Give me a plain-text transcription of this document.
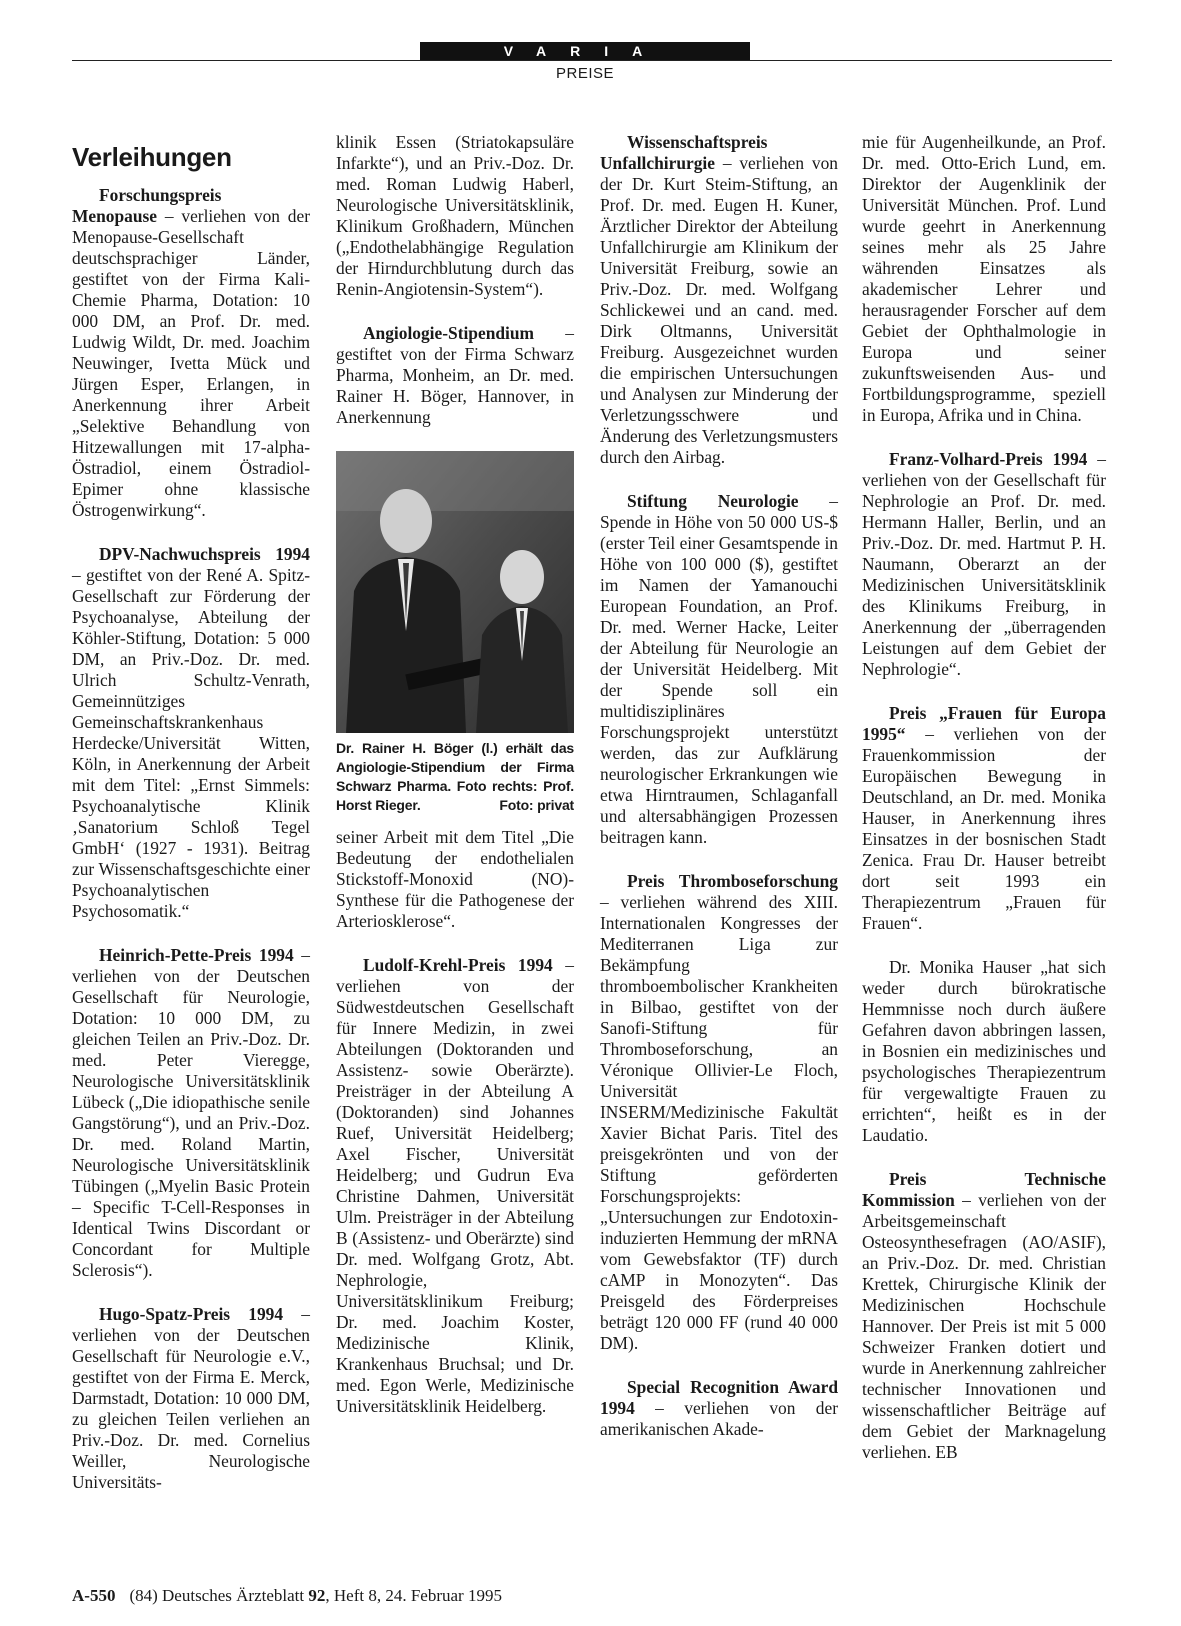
VARIA
PREISE
Verleihungen

Forschungspreis Menopause – verliehen von der Menopause-Gesellschaft deutschsprachiger Länder, gestiftet von der Firma Kali-Chemie Pharma, Dotation: 10 000 DM, an Prof. Dr. med. Ludwig Wildt, Dr. med. Joachim Neuwinger, Ivetta Mück und Jürgen Esper, Erlangen, in Anerkennung ihrer Arbeit „Selektive Behandlung von Hitzewallungen mit 17-alpha-Östradiol, einem Östradiol-Epimer ohne klassische Östrogenwirkung“.

DPV-Nachwuchspreis 1994 – gestiftet von der René A. Spitz-Gesellschaft zur Förderung der Psychoanalyse, Abteilung der Köhler-Stiftung, Dotation: 5 000 DM, an Priv.-Doz. Dr. med. Ulrich Schultz-Venrath, Gemeinnütziges Gemeinschaftskrankenhaus Herdecke/Universität Witten, Köln, in Anerkennung der Arbeit mit dem Titel: „Ernst Simmels: Psychoanalytische Klinik ‚Sanatorium Schloß Tegel GmbH‘ (1927 - 1931). Beitrag zur Wissenschaftsgeschichte einer Psychoanalytischen Psychosomatik.“

Heinrich-Pette-Preis 1994 – verliehen von der Deutschen Gesellschaft für Neurologie, Dotation: 10 000 DM, zu gleichen Teilen an Priv.-Doz. Dr. med. Peter Vieregge, Neurologische Universitätsklinik Lübeck („Die idiopathische senile Gangstörung“), und an Priv.-Doz. Dr. med. Roland Martin, Neurologische Universitätsklinik Tübingen („Myelin Basic Protein – Specific T-Cell-Responses in Identical Twins Discordant or Concordant for Multiple Sclerosis“).

Hugo-Spatz-Preis 1994 – verliehen von der Deutschen Gesellschaft für Neurologie e.V., gestiftet von der Firma E. Merck, Darmstadt, Dotation: 10 000 DM, zu gleichen Teilen verliehen an Priv.-Doz. Dr. med. Cornelius Weiller, Neurologische Universitäts-

klinik Essen (Striatokapsuläre Infarkte“), und an Priv.-Doz. Dr. med. Roman Ludwig Haberl, Neurologische Universitätsklinik, Klinikum Großhadern, München („Endothelabhängige Regulation der Hirndurchblutung durch das Renin-Angiotensin-System“).

Angiologie-Stipendium – gestiftet von der Firma Schwarz Pharma, Monheim, an Dr. med. Rainer H. Böger, Hannover, in Anerkennung

Dr. Rainer H. Böger (l.) erhält das Angiologie-Stipendium der Firma Schwarz Pharma. Foto rechts: Prof. Horst Rieger.	Foto: privat

seiner Arbeit mit dem Titel „Die Bedeutung der endothelialen Stickstoff-Monoxid (NO)-Synthese für die Pathogenese der Arteriosklerose“.

Ludolf-Krehl-Preis 1994 – verliehen von der Südwestdeutschen Gesellschaft für Innere Medizin, in zwei Abteilungen (Doktoranden und Assistenz- sowie Oberärzte). Preisträger in der Abteilung A (Doktoranden) sind Johannes Ruef, Universität Heidelberg; Axel Fischer, Universität Heidelberg; und Gudrun Eva Christine Dahmen, Universität Ulm. Preisträger in der Abteilung B (Assistenz- und Oberärzte) sind Dr. med. Wolfgang Grotz, Abt. Nephrologie, Universitätsklinikum Freiburg; Dr. med. Joachim Koster, Medizinische Klinik, Krankenhaus Bruchsal; und Dr. med. Egon Werle, Medizinische Universitätsklinik Heidelberg.

Wissenschaftspreis Unfallchirurgie – verliehen von der Dr. Kurt Steim-Stiftung, an Prof. Dr. med. Eugen H. Kuner, Ärztlicher Direktor der Abteilung Unfallchirurgie am Klinikum der Universität Freiburg, sowie an Priv.-Doz. Dr. med. Wolfgang Schlickewei und an cand. med. Dirk Oltmanns, Universität Freiburg. Ausgezeichnet wurden die empirischen Untersuchungen und Analysen zur Minderung der Verletzungsschwere und Änderung des Verletzungsmusters durch den Airbag.

Stiftung Neurologie – Spende in Höhe von 50 000 US-$ (erster Teil einer Gesamtspende in Höhe von 100 000 ($), gestiftet im Namen der Yamanouchi European Foundation, an Prof. Dr. med. Werner Hacke, Leiter der Abteilung für Neurologie an der Universität Heidelberg. Mit der Spende soll ein multidisziplinäres Forschungsprojekt unterstützt werden, das zur Aufklärung neurologischer Erkrankungen wie etwa Hirntraumen, Schlaganfall und altersabhängigen Prozessen beitragen kann.

Preis Thromboseforschung – verliehen während des XIII. Internationalen Kongresses der Mediterranen Liga zur Bekämpfung thromboembolischer Krankheiten in Bilbao, gestiftet von der Sanofi-Stiftung für Thromboseforschung, an Véronique Ollivier-Le Floch, Universität INSERM/Medizinische Fakultät Xavier Bichat Paris. Titel des preisgekrönten und von der Stiftung geförderten Forschungsprojekts: „Untersuchungen zur Endotoxin-induzierten Hemmung der mRNA vom Gewebsfaktor (TF) durch cAMP in Monozyten“. Das Preisgeld des Förderpreises beträgt 120 000 FF (rund 40 000 DM).

Special Recognition Award 1994 – verliehen von der amerikanischen Akade-

mie für Augenheilkunde, an Prof. Dr. med. Otto-Erich Lund, em. Direktor der Augenklinik der Universität München. Prof. Lund wurde geehrt in Anerkennung seines mehr als 25 Jahre währenden Einsatzes als akademischer Lehrer und herausragender Forscher auf dem Gebiet der Ophthalmologie in Europa und seiner zukunftsweisenden Aus- und Fortbildungsprogramme, speziell in Europa, Afrika und in China.

Franz-Volhard-Preis 1994 – verliehen von der Gesellschaft für Nephrologie an Prof. Dr. med. Hermann Haller, Berlin, und an Priv.-Doz. Dr. med. Hartmut P. H. Naumann, Oberarzt an der Medizinischen Universitätsklinik des Klinikums Freiburg, in Anerkennung der „überragenden Leistungen auf dem Gebiet der Nephrologie“.

Preis „Frauen für Europa 1995“ – verliehen von der Frauenkommission der Europäischen Bewegung in Deutschland, an Dr. med. Monika Hauser, in Anerkennung ihres Einsatzes in der bosnischen Stadt Zenica. Frau Dr. Hauser betreibt dort seit 1993 ein Therapiezentrum „Frauen für Frauen“.

Dr. Monika Hauser „hat sich weder durch bürokratische Hemmnisse noch durch äußere Gefahren davon abbringen lassen, in Bosnien ein medizinisches und psychologisches Therapiezentrum für vergewaltigte Frauen zu errichten“, heißt es in der Laudatio.

Preis Technische Kommission – verliehen von der Arbeitsgemeinschaft Osteosynthesefragen (AO/ASIF), an Priv.-Doz. Dr. med. Christian Krettek, Chirurgische Klinik der Medizinischen Hochschule Hannover. Der Preis ist mit 5 000 Schweizer Franken dotiert und wurde in Anerkennung zahlreicher technischer Innovationen und wissenschaftlicher Beiträge auf dem Gebiet der Marknagelung verliehen. EB

A-550 (84) Deutsches Ärzteblatt 92, Heft 8, 24. Februar 1995
